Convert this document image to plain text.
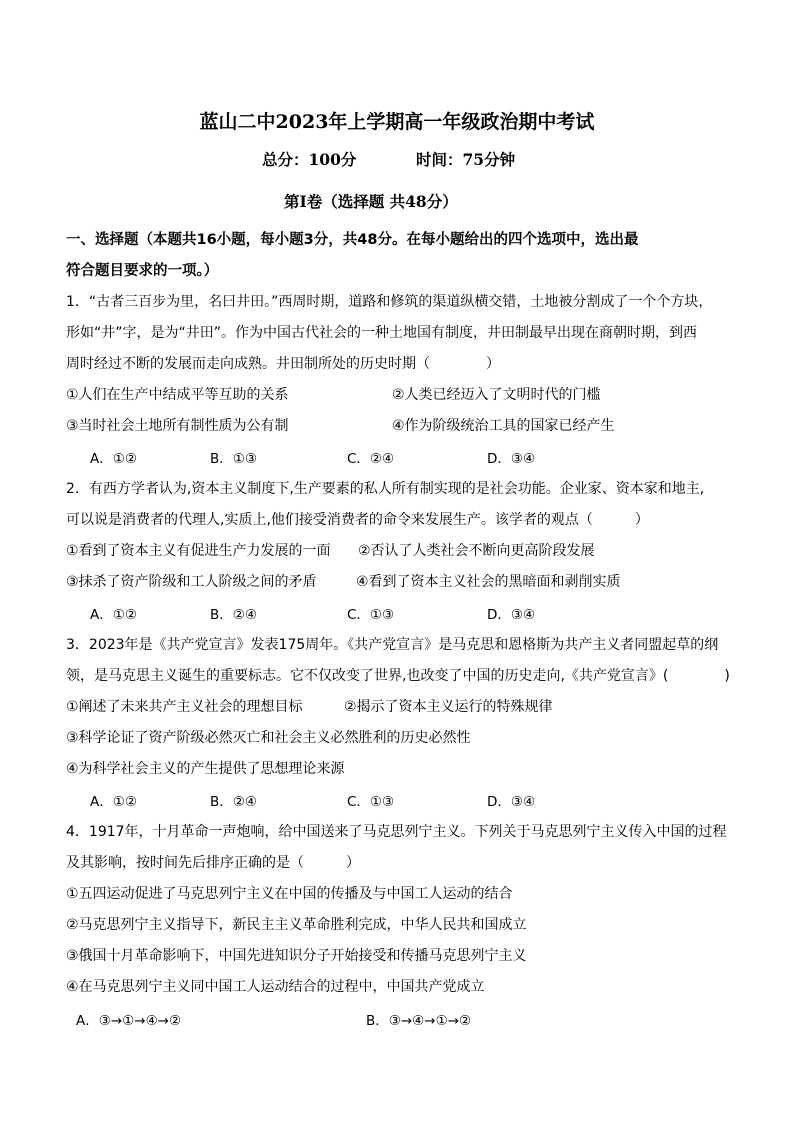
蓝山二中2023年上学期高一年级政治期中考试
总分：100分	时间：75分钟
第Ⅰ卷（选择题 共48分）
一、选择题（本题共16小题，每小题3分，共48分。在每小题给出的四个选项中，选出最
符合题目要求的一项。）
1．“古者三百步为里，名曰井田。”西周时期，道路和修筑的渠道纵横交错，土地被分割成了一个个方块，
形如“井”字，是为“井田”。作为中国古代社会的一种土地国有制度，井田制最早出现在商朝时期，到西
周时经过不断的发展而走向成熟。井田制所处的历史时期（　　　　）
①人们在生产中结成平等互助的关系	②人类已经迈入了文明时代的门槛
③当时社会土地所有制性质为公有制	④作为阶级统治工具的国家已经产生
A．①②	B．①③	C．②④	D．③④
2．有西方学者认为,资本主义制度下,生产要素的私人所有制实现的是社会功能。企业家、资本家和地主,
可以说是消费者的代理人,实质上,他们接受消费者的命令来发展生产。该学者的观点（　　　）
①看到了资本主义有促进生产力发展的一面 ②否认了人类社会不断向更高阶段发展
③抹杀了资产阶级和工人阶级之间的矛盾	④看到了资本主义社会的黑暗面和剥削实质
A．①②	B．②④	C．①③	D．③④
3．2023年是《共产党宣言》发表175周年。《共产党宣言》是马克思和恩格斯为共产主义者同盟起草的纲
领，是马克思主义诞生的重要标志。它不仅改变了世界,也改变了中国的历史走向,《共产党宣言》(　　　　)
①阐述了未来共产主义社会的理想目标	②揭示了资本主义运行的特殊规律
③科学论证了资产阶级必然灭亡和社会主义必然胜利的历史必然性
④为科学社会主义的产生提供了思想理论来源
A．①②	B．②④	C．①③	D．③④
4．1917年，十月革命一声炮响，给中国送来了马克思列宁主义。下列关于马克思列宁主义传入中国的过程
及其影响，按时间先后排序正确的是（　　　）
①五四运动促进了马克思列宁主义在中国的传播及与中国工人运动的结合
②马克思列宁主义指导下，新民主主义革命胜利完成，中华人民共和国成立
③俄国十月革命影响下，中国先进知识分子开始接受和传播马克思列宁主义
④在马克思列宁主义同中国工人运动结合的过程中，中国共产党成立
A．③→①→④→②	B．③→④→①→②
